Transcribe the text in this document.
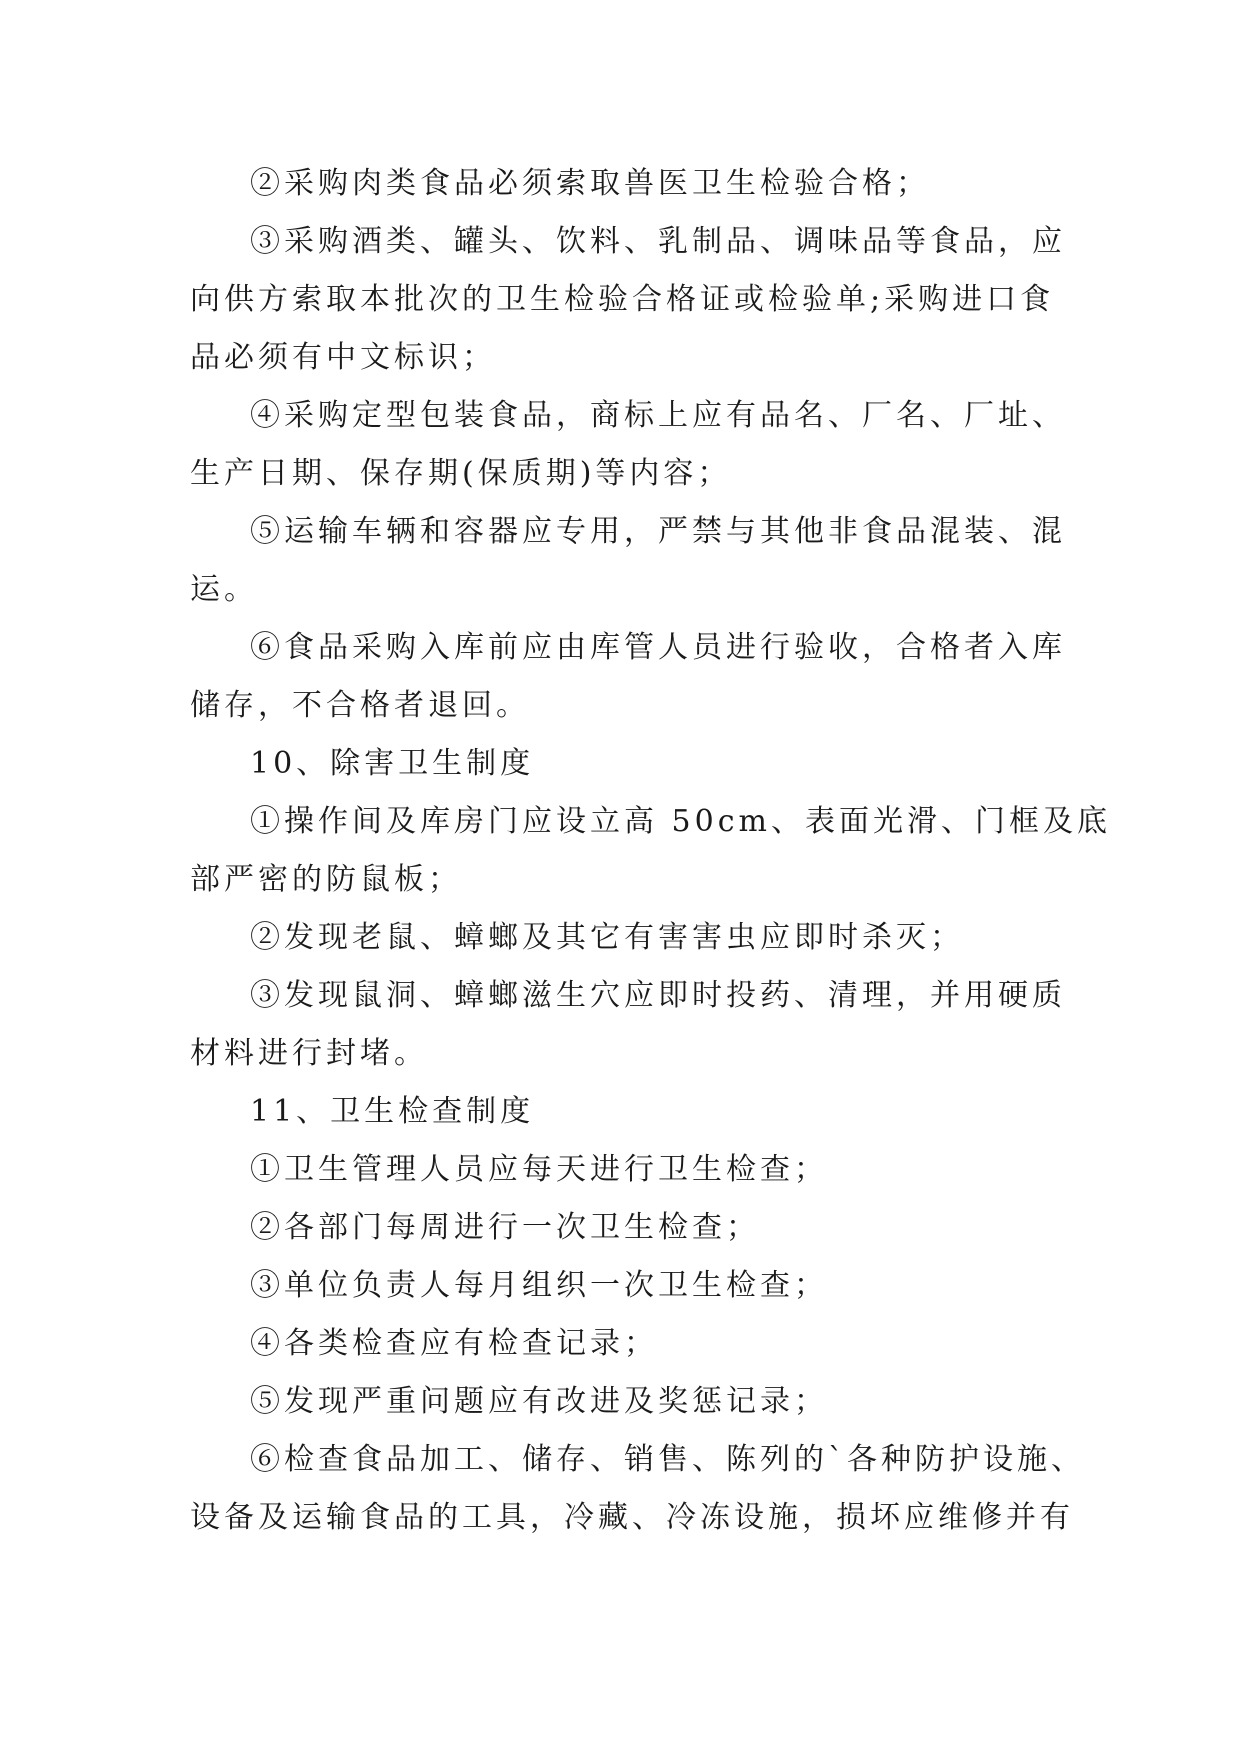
②采购肉类食品必须索取兽医卫生检验合格；

③采购酒类、罐头、饮料、乳制品、调味品等食品，应
向供方索取本批次的卫生检验合格证或检验单;采购进口食
品必须有中文标识；

④采购定型包装食品，商标上应有品名、厂名、厂址、
生产日期、保存期(保质期)等内容；

⑤运输车辆和容器应专用，严禁与其他非食品混装、混
运。

⑥食品采购入库前应由库管人员进行验收，合格者入库
储存，不合格者退回。

10、除害卫生制度

①操作间及库房门应设立高 50cm、表面光滑、门框及底
部严密的防鼠板；

②发现老鼠、蟑螂及其它有害害虫应即时杀灭；

③发现鼠洞、蟑螂滋生穴应即时投药、清理，并用硬质
材料进行封堵。

11、卫生检查制度

①卫生管理人员应每天进行卫生检查；

②各部门每周进行一次卫生检查；

③单位负责人每月组织一次卫生检查；

④各类检查应有检查记录；

⑤发现严重问题应有改进及奖惩记录；

⑥检查食品加工、储存、销售、陈列的`各种防护设施、
设备及运输食品的工具，冷藏、冷冻设施，损坏应维修并有
